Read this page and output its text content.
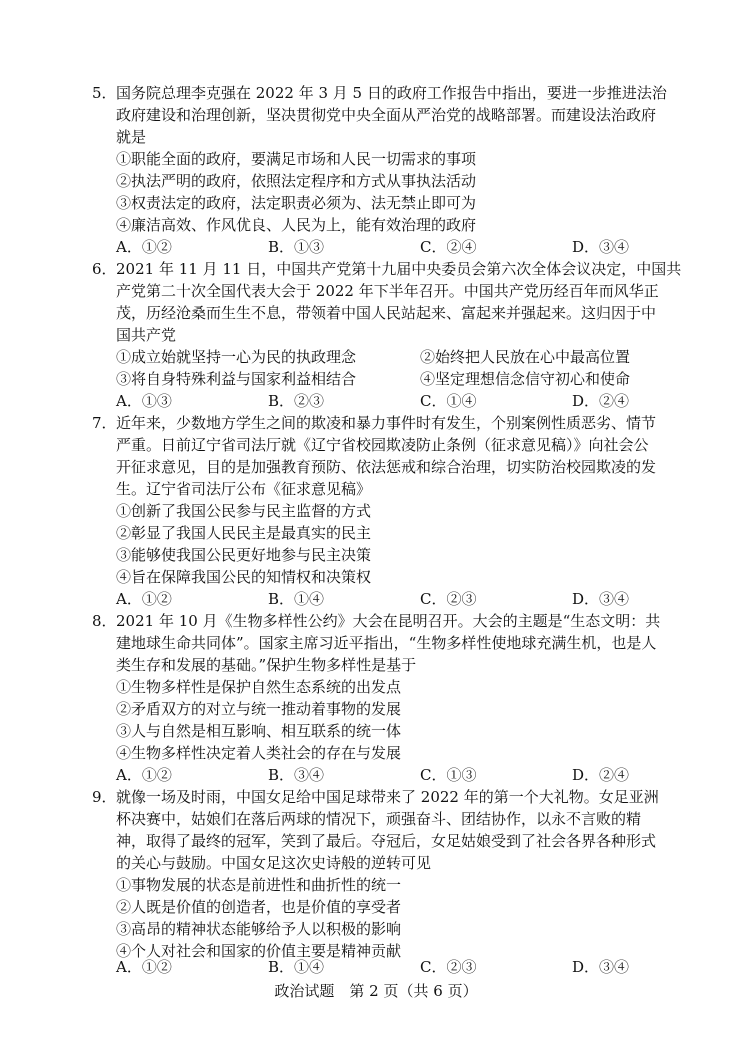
5． 国务院总理李克强在 2022 年 3 月 5 日的政府工作报告中指出，要进一步推进法治
政府建设和治理创新，坚决贯彻党中央全面从严治党的战略部署。而建设法治政府
就是
①职能全面的政府，要满足市场和人民一切需求的事项
②执法严明的政府，依照法定程序和方式从事执法活动
③权责法定的政府，法定职责必须为、法无禁止即可为
④廉洁高效、作风优良、人民为上，能有效治理的政府
A．①②	B．①③	C．②④	D．③④
6． 2021 年 11 月 11 日，中国共产党第十九届中央委员会第六次全体会议决定，中国共
产党第二十次全国代表大会于 2022 年下半年召开。中国共产党历经百年而风华正
茂，历经沧桑而生生不息，带领着中国人民站起来、富起来并强起来。这归因于中
国共产党
①成立始就坚持一心为民的执政理念	②始终把人民放在心中最高位置
③将自身特殊利益与国家利益相结合	④坚定理想信念信守初心和使命
A．①③	B．②③	C．①④	D．②④
7． 近年来，少数地方学生之间的欺凌和暴力事件时有发生，个别案例性质恶劣、情节
严重。日前辽宁省司法厅就《辽宁省校园欺凌防止条例（征求意见稿）》向社会公
开征求意见，目的是加强教育预防、依法惩戒和综合治理，切实防治校园欺凌的发
生。辽宁省司法厅公布《征求意见稿》
①创新了我国公民参与民主监督的方式
②彰显了我国人民民主是最真实的民主
③能够使我国公民更好地参与民主决策
④旨在保障我国公民的知情权和决策权
A．①②	B．①④	C．②③	D．③④
8． 2021 年 10 月《生物多样性公约》大会在昆明召开。大会的主题是“生态文明：共
建地球生命共同体”。国家主席习近平指出，“生物多样性使地球充满生机，也是人
类生存和发展的基础。”保护生物多样性是基于
①生物多样性是保护自然生态系统的出发点
②矛盾双方的对立与统一推动着事物的发展
③人与自然是相互影响、相互联系的统一体
④生物多样性决定着人类社会的存在与发展
A．①②	B．③④	C．①③	D．②④
9． 就像一场及时雨，中国女足给中国足球带来了 2022 年的第一个大礼物。女足亚洲
杯决赛中，姑娘们在落后两球的情况下，顽强奋斗、团结协作，以永不言败的精
神，取得了最终的冠军，笑到了最后。夺冠后，女足姑娘受到了社会各界各种形式
的关心与鼓励。中国女足这次史诗般的逆转可见
①事物发展的状态是前进性和曲折性的统一
②人既是价值的创造者，也是价值的享受者
③高昂的精神状态能够给予人以积极的影响
④个人对社会和国家的价值主要是精神贡献
A．①②	B．①④	C．②③	D．③④
政治试题　第 2 页（共 6 页）
